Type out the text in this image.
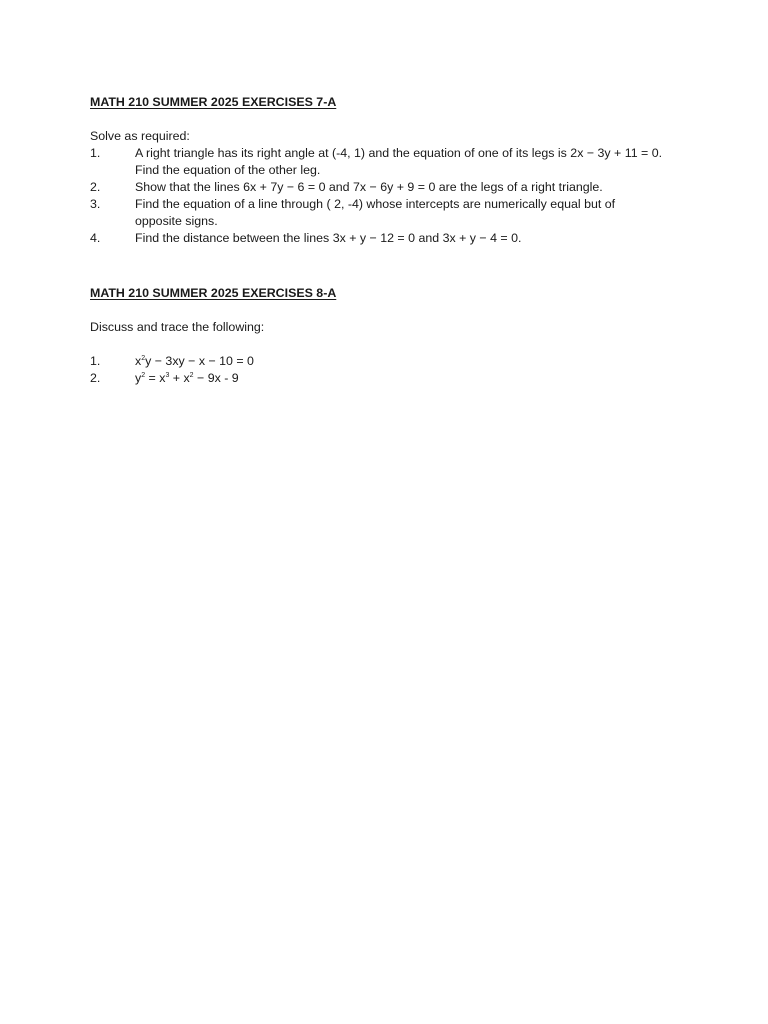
MATH 210 SUMMER 2025 EXERCISES 7-A

Solve as required:

1.	A right triangle has its right angle at (-4, 1) and the equation of one of its legs is 2x − 3y + 11 = 0.
Find the equation of the other leg.
2.	Show that the lines 6x + 7y − 6 = 0 and 7x − 6y + 9 = 0 are the legs of a right triangle.
3.	Find the equation of a line through ( 2, -4) whose intercepts are numerically equal but of
opposite signs.
4.	Find the distance between the lines 3x + y − 12 = 0 and 3x + y − 4 = 0.

MATH 210 SUMMER 2025 EXERCISES 8-A

Discuss and trace the following:

1.	$x^2y - 3xy - x - 10 = 0$
2.	$y^2 = x^3 + x^2 - 9x - 9$
